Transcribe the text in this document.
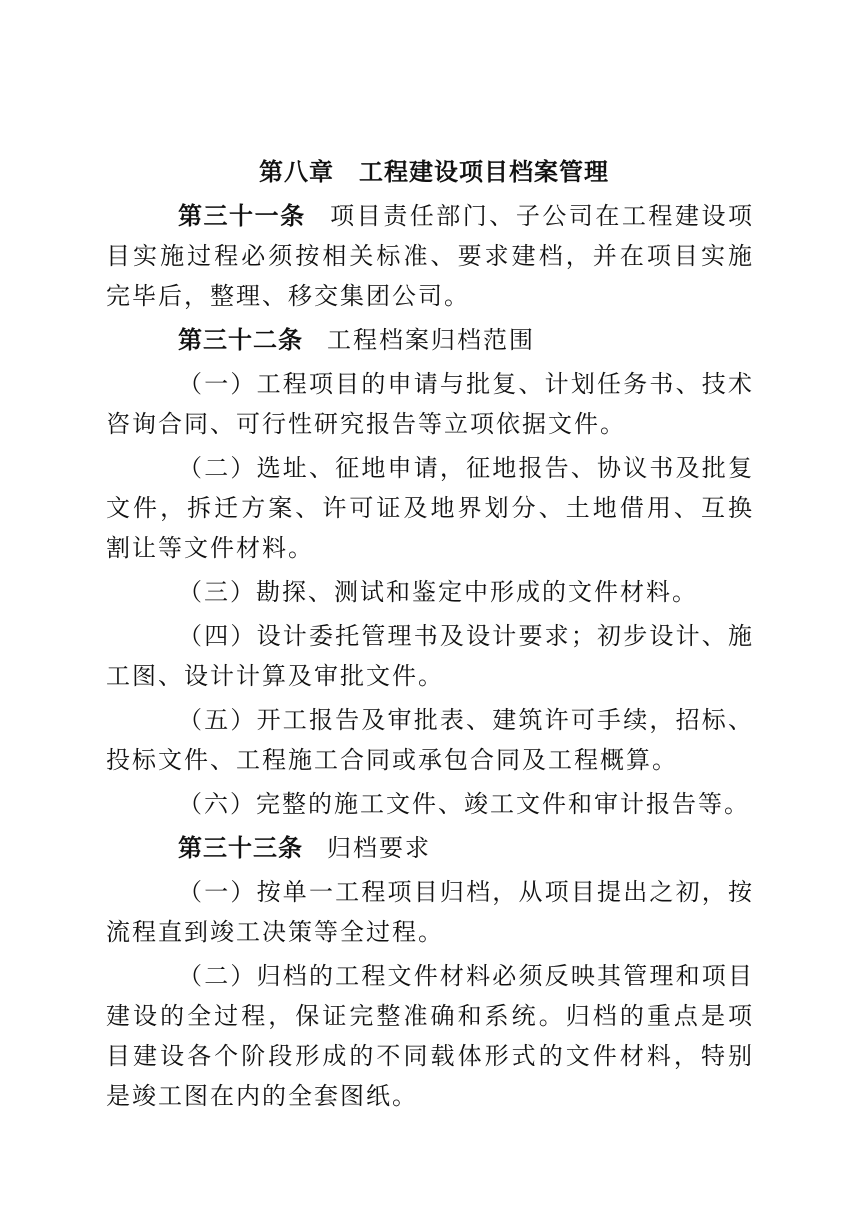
第八章　工程建设项目档案管理

第三十一条 项目责任部门、子公司在工程建设项目实施过程必须按相关标准、要求建档，并在项目实施完毕后，整理、移交集团公司。

第三十二条 工程档案归档范围

（一）工程项目的申请与批复、计划任务书、技术咨询合同、可行性研究报告等立项依据文件。

（二）选址、征地申请，征地报告、协议书及批复文件，拆迁方案、许可证及地界划分、土地借用、互换割让等文件材料。

（三）勘探、测试和鉴定中形成的文件材料。

（四）设计委托管理书及设计要求；初步设计、施工图、设计计算及审批文件。

（五）开工报告及审批表、建筑许可手续，招标、投标文件、工程施工合同或承包合同及工程概算。

（六）完整的施工文件、竣工文件和审计报告等。

第三十三条 归档要求

（一）按单一工程项目归档，从项目提出之初，按流程直到竣工决策等全过程。

（二）归档的工程文件材料必须反映其管理和项目建设的全过程，保证完整准确和系统。归档的重点是项目建设各个阶段形成的不同载体形式的文件材料，特别是竣工图在内的全套图纸。
